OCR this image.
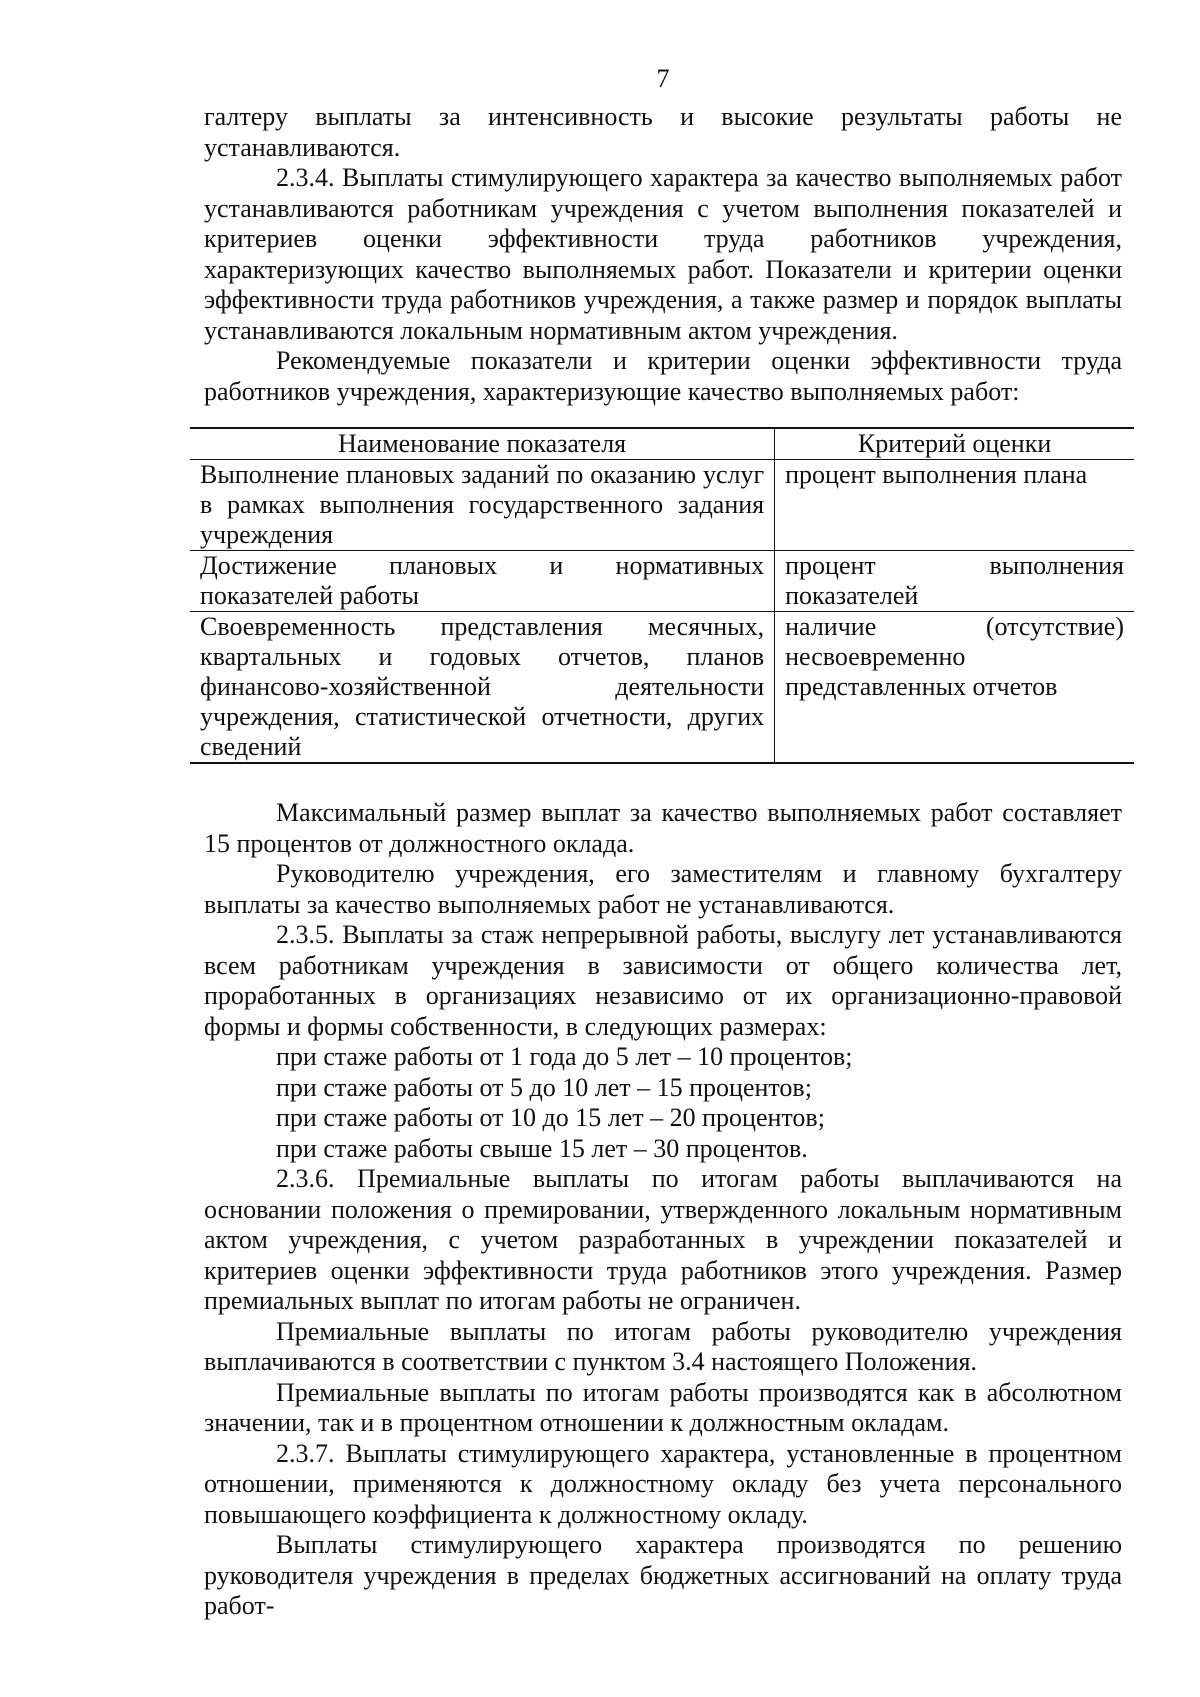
7

галтеру выплаты за интенсивность и высокие результаты работы не устанавливаются.

2.3.4. Выплаты стимулирующего характера за качество выполняемых работ устанавливаются работникам учреждения с учетом выполнения показателей и критериев оценки эффективности труда работников учреждения, характеризующих качество выполняемых работ. Показатели и критерии оценки эффективности труда работников учреждения, а также размер и порядок выплаты устанавливаются локальным нормативным актом учреждения.

Рекомендуемые показатели и критерии оценки эффективности труда работников учреждения, характеризующие качество выполняемых работ:

Наименование показателя	Критерий оценки
Выполнение плановых заданий по оказанию услуг в рамках выполнения государственного задания учреждения	процент выполнения плана
Достижение плановых и нормативных показателей работы	процент выполнения показателей
Своевременность представления месячных, квартальных и годовых отчетов, планов финансово-хозяйственной деятельности учреждения, статистической отчетности, других сведений	наличие (отсутствие) несвоевременно представленных отчетов

Максимальный размер выплат за качество выполняемых работ составляет 15 процентов от должностного оклада.

Руководителю учреждения, его заместителям и главному бухгалтеру выплаты за качество выполняемых работ не устанавливаются.

2.3.5. Выплаты за стаж непрерывной работы, выслугу лет устанавливаются всем работникам учреждения в зависимости от общего количества лет, проработанных в организациях независимо от их организационно-правовой формы и формы собственности, в следующих размерах:

при стаже работы от 1 года до 5 лет – 10 процентов;
при стаже работы от 5 до 10 лет – 15 процентов;
при стаже работы от 10 до 15 лет – 20 процентов;
при стаже работы свыше 15 лет – 30 процентов.

2.3.6. Премиальные выплаты по итогам работы выплачиваются на основании положения о премировании, утвержденного локальным нормативным актом учреждения, с учетом разработанных в учреждении показателей и критериев оценки эффективности труда работников этого учреждения. Размер премиальных выплат по итогам работы не ограничен.

Премиальные выплаты по итогам работы руководителю учреждения выплачиваются в соответствии с пунктом 3.4 настоящего Положения.

Премиальные выплаты по итогам работы производятся как в абсолютном значении, так и в процентном отношении к должностным окладам.

2.3.7. Выплаты стимулирующего характера, установленные в процентном отношении, применяются к должностному окладу без учета персонального повышающего коэффициента к должностному окладу.

Выплаты стимулирующего характера производятся по решению руководителя учреждения в пределах бюджетных ассигнований на оплату труда работ-
